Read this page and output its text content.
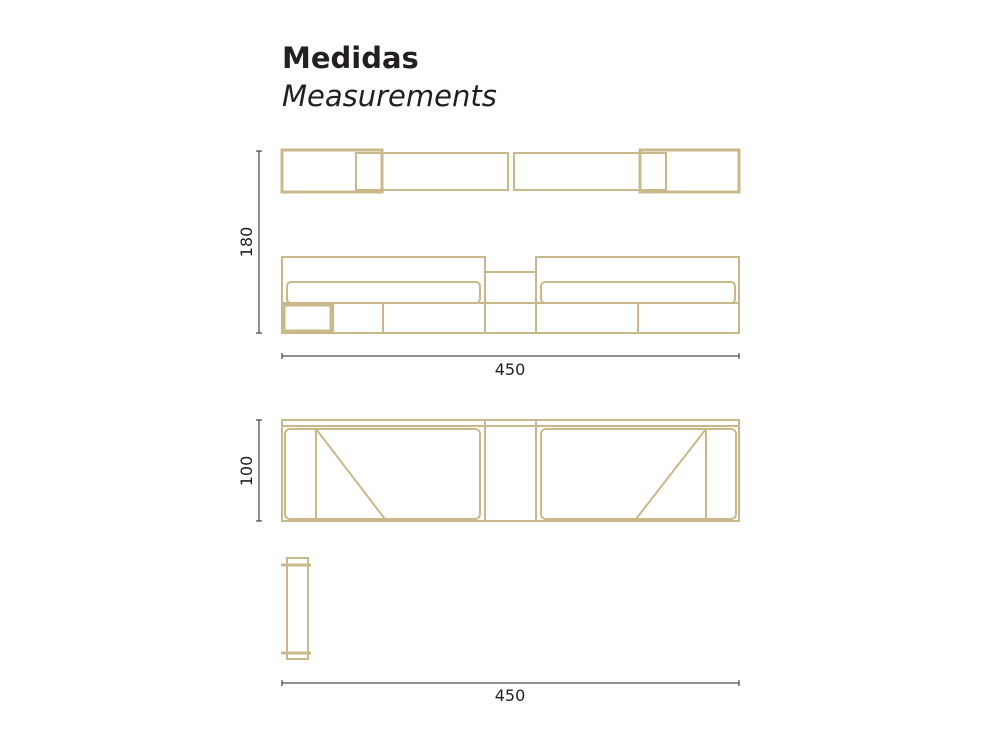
Medidas
Measurements
180
450
100
450
